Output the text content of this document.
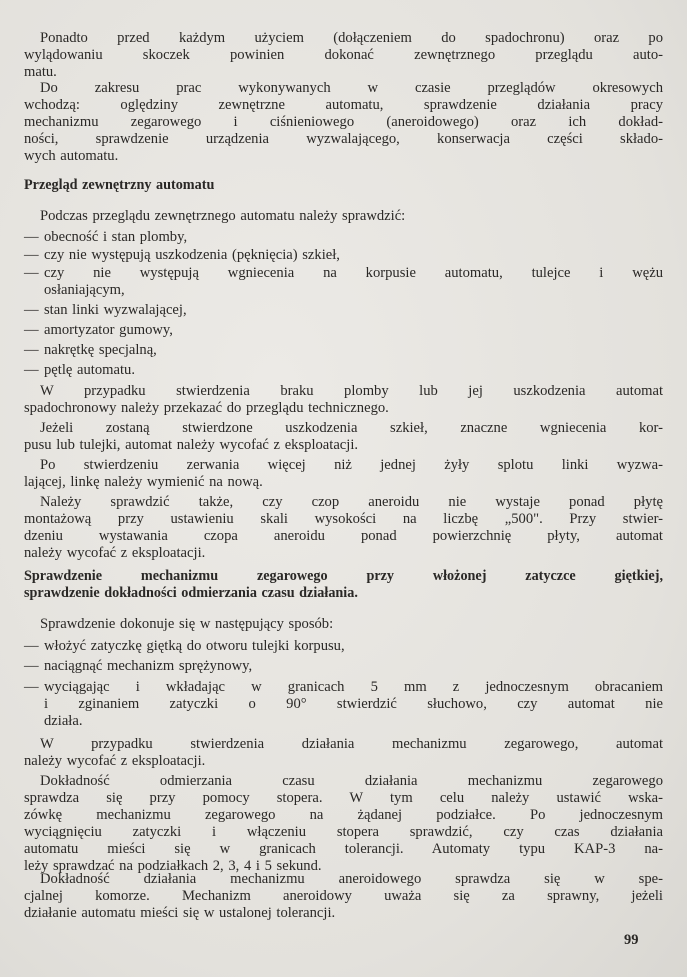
Ponadto przed każdym użyciem (dołączeniem do spadochronu) oraz po
wylądowaniu skoczek powinien dokonać zewnętrznego przeglądu auto-
matu.
Do zakresu prac wykonywanych w czasie przeglądów okresowych
wchodzą: oględziny zewnętrzne automatu, sprawdzenie działania pracy
mechanizmu zegarowego i ciśnieniowego (aneroidowego) oraz ich dokład-
ności, sprawdzenie urządzenia wyzwalającego, konserwacja części składo-
wych automatu.
Przegląd zewnętrzny automatu
Podczas przeglądu zewnętrznego automatu należy sprawdzić:
— obecność i stan plomby,
— czy nie występują uszkodzenia (pęknięcia) szkieł,
— czy nie występują wgniecenia na korpusie automatu, tulejce i wężu
osłaniającym,
— stan linki wyzwalającej,
— amortyzator gumowy,
— nakrętkę specjalną,
— pętlę automatu.
W przypadku stwierdzenia braku plomby lub jej uszkodzenia automat
spadochronowy należy przekazać do przeglądu technicznego.
Jeżeli zostaną stwierdzone uszkodzenia szkieł, znaczne wgniecenia kor-
pusu lub tulejki, automat należy wycofać z eksploatacji.
Po stwierdzeniu zerwania więcej niż jednej żyły splotu linki wyzwa-
lającej, linkę należy wymienić na nową.
Należy sprawdzić także, czy czop aneroidu nie wystaje ponad płytę
montażową przy ustawieniu skali wysokości na liczbę „500". Przy stwier-
dzeniu wystawania czopa aneroidu ponad powierzchnię płyty, automat
należy wycofać z eksploatacji.
Sprawdzenie mechanizmu zegarowego przy włożonej zatyczce giętkiej,
sprawdzenie dokładności odmierzania czasu działania.
Sprawdzenie dokonuje się w następujący sposób:
— włożyć zatyczkę giętką do otworu tulejki korpusu,
— naciągnąć mechanizm sprężynowy,
— wyciągając i wkładając w granicach 5 mm z jednoczesnym obracaniem
i zginaniem zatyczki o 90° stwierdzić słuchowo, czy automat nie
działa.
W przypadku stwierdzenia działania mechanizmu zegarowego, automat
należy wycofać z eksploatacji.
Dokładność odmierzania czasu działania mechanizmu zegarowego
sprawdza się przy pomocy stopera. W tym celu należy ustawić wska-
zówkę mechanizmu zegarowego na żądanej podziałce. Po jednoczesnym
wyciągnięciu zatyczki i włączeniu stopera sprawdzić, czy czas działania
automatu mieści się w granicach tolerancji. Automaty typu KAP-3 na-
leży sprawdzać na podziałkach 2, 3, 4 i 5 sekund.
Dokładność działania mechanizmu aneroidowego sprawdza się w spe-
cjalnej komorze. Mechanizm aneroidowy uważa się za sprawny, jeżeli
działanie automatu mieści się w ustalonej tolerancji.
99
